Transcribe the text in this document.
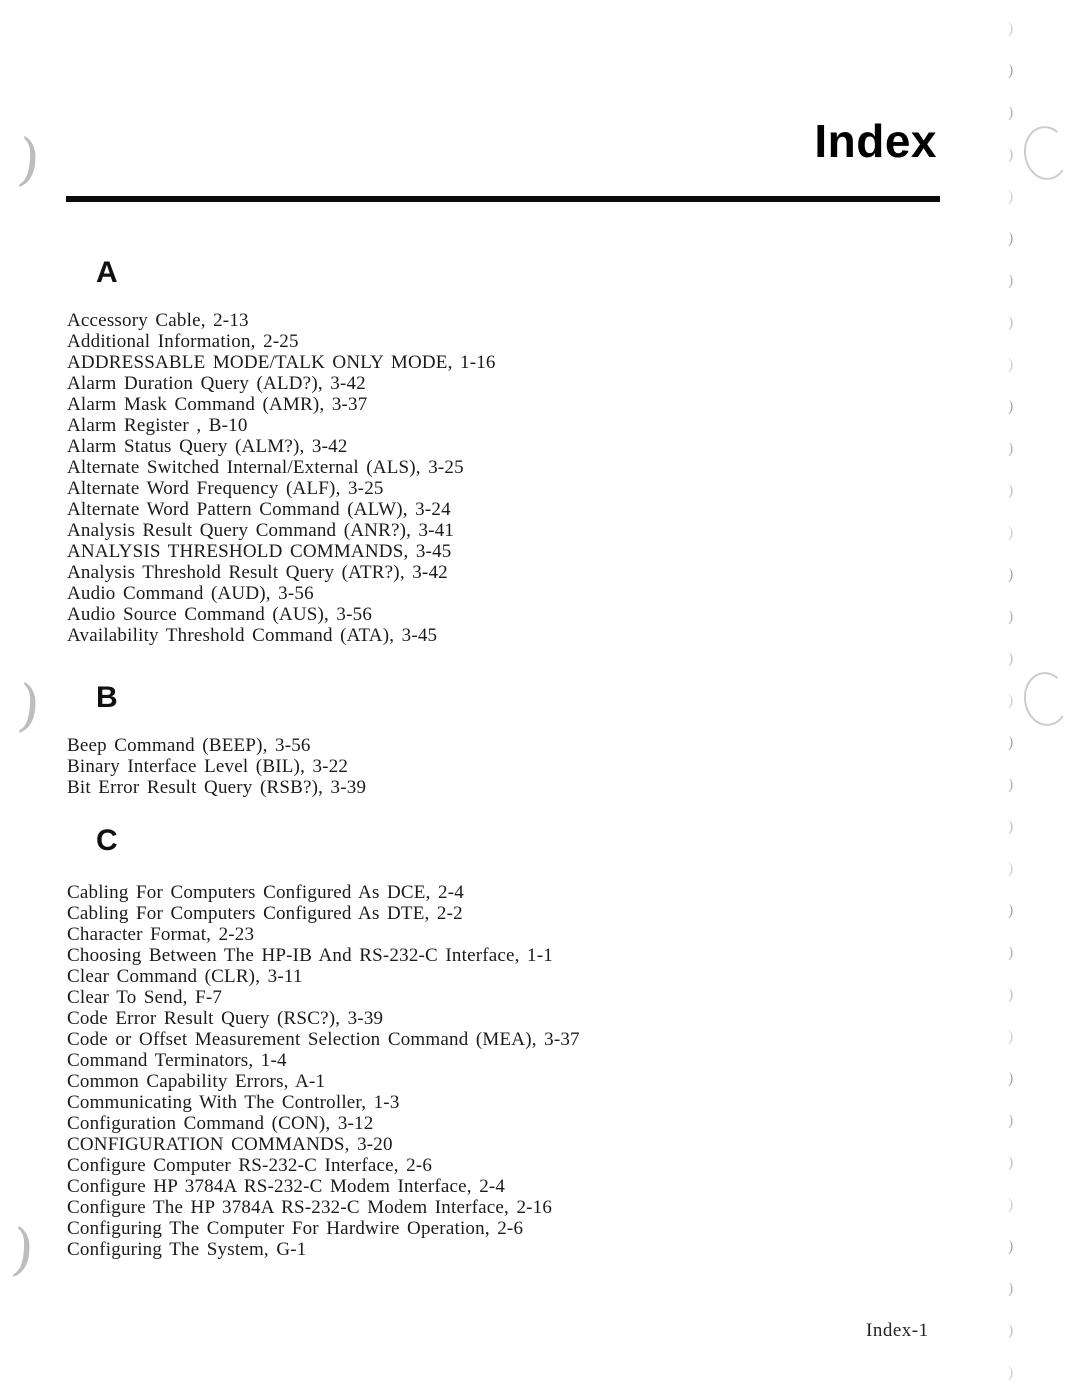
Index
A
Accessory Cable, 2-13
Additional Information, 2-25
ADDRESSABLE MODE/TALK ONLY MODE, 1-16
Alarm Duration Query (ALD?), 3-42
Alarm Mask Command (AMR), 3-37
Alarm Register , B-10
Alarm Status Query (ALM?), 3-42
Alternate Switched Internal/External (ALS), 3-25
Alternate Word Frequency (ALF), 3-25
Alternate Word Pattern Command (ALW), 3-24
Analysis Result Query Command (ANR?), 3-41
ANALYSIS THRESHOLD COMMANDS, 3-45
Analysis Threshold Result Query (ATR?), 3-42
Audio Command (AUD), 3-56
Audio Source Command (AUS), 3-56
Availability Threshold Command (ATA), 3-45
B
Beep Command (BEEP), 3-56
Binary Interface Level (BIL), 3-22
Bit Error Result Query (RSB?), 3-39
C
Cabling For Computers Configured As DCE, 2-4
Cabling For Computers Configured As DTE, 2-2
Character Format, 2-23
Choosing Between The HP-IB And RS-232-C Interface, 1-1
Clear Command (CLR), 3-11
Clear To Send, F-7
Code Error Result Query (RSC?), 3-39
Code or Offset Measurement Selection Command (MEA), 3-37
Command Terminators, 1-4
Common Capability Errors, A-1
Communicating With The Controller, 1-3
Configuration Command (CON), 3-12
CONFIGURATION COMMANDS, 3-20
Configure Computer RS-232-C Interface, 2-6
Configure HP 3784A RS-232-C Modem Interface, 2-4
Configure The HP 3784A RS-232-C Modem Interface, 2-16
Configuring The Computer For Hardwire Operation, 2-6
Configuring The System, G-1
Index-1
)
)
)
)
)
)
)
)
)
)
)
)
)
)
)
)
)
)
)
)
)
)
)
)
)
)
)
)
)
)
)
)
)
)
)
)
